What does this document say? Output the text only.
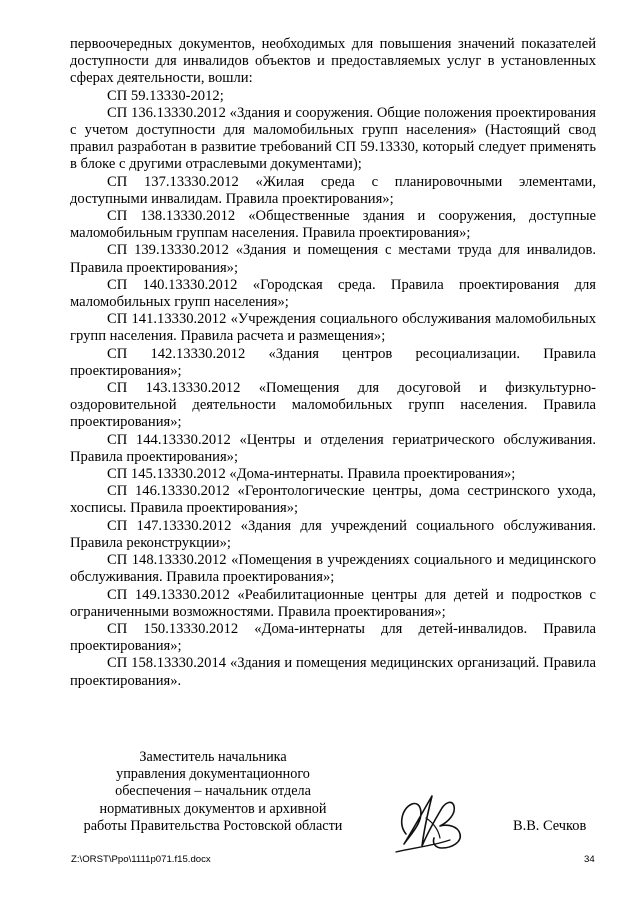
первоочередных документов, необходимых для повышения значений показателей доступности для инвалидов объектов и предоставляемых услуг в установленных сферах деятельности, вошли:

СП 59.13330-2012;

СП 136.13330.2012 «Здания и сооружения. Общие положения проектирования с учетом доступности для маломобильных групп населения» (Настоящий свод правил разработан в развитие требований СП 59.13330, который следует применять в блоке с другими отраслевыми документами);

СП 137.13330.2012 «Жилая среда с планировочными элементами, доступными инвалидам. Правила проектирования»;

СП 138.13330.2012 «Общественные здания и сооружения, доступные маломобильным группам населения. Правила проектирования»;

СП 139.13330.2012 «Здания и помещения с местами труда для инвалидов. Правила проектирования»;

СП 140.13330.2012 «Городская среда. Правила проектирования для маломобильных групп населения»;

СП 141.13330.2012 «Учреждения социального обслуживания маломобильных групп населения. Правила расчета и размещения»;

СП 142.13330.2012 «Здания центров ресоциализации. Правила проектирования»;

СП 143.13330.2012 «Помещения для досуговой и физкультурно-оздоровительной деятельности маломобильных групп населения. Правила проектирования»;

СП 144.13330.2012 «Центры и отделения гериатрического обслуживания. Правила проектирования»;

СП 145.13330.2012 «Дома-интернаты. Правила проектирования»;

СП 146.13330.2012 «Геронтологические центры, дома сестринского ухода, хосписы. Правила проектирования»;

СП 147.13330.2012 «Здания для учреждений социального обслуживания. Правила реконструкции»;

СП 148.13330.2012 «Помещения в учреждениях социального и медицинского обслуживания. Правила проектирования»;

СП 149.13330.2012 «Реабилитационные центры для детей и подростков с ограниченными возможностями. Правила проектирования»;

СП 150.13330.2012 «Дома-интернаты для детей-инвалидов. Правила проектирования»;

СП 158.13330.2014 «Здания и помещения медицинских организаций. Правила проектирования».

Заместитель начальника
управления документационного
обеспечения – начальник отдела
нормативных документов и архивной
работы Правительства Ростовской области	В.В. Сечков
Z:\ORST\Ppo\1111p071.f15.docx	34
